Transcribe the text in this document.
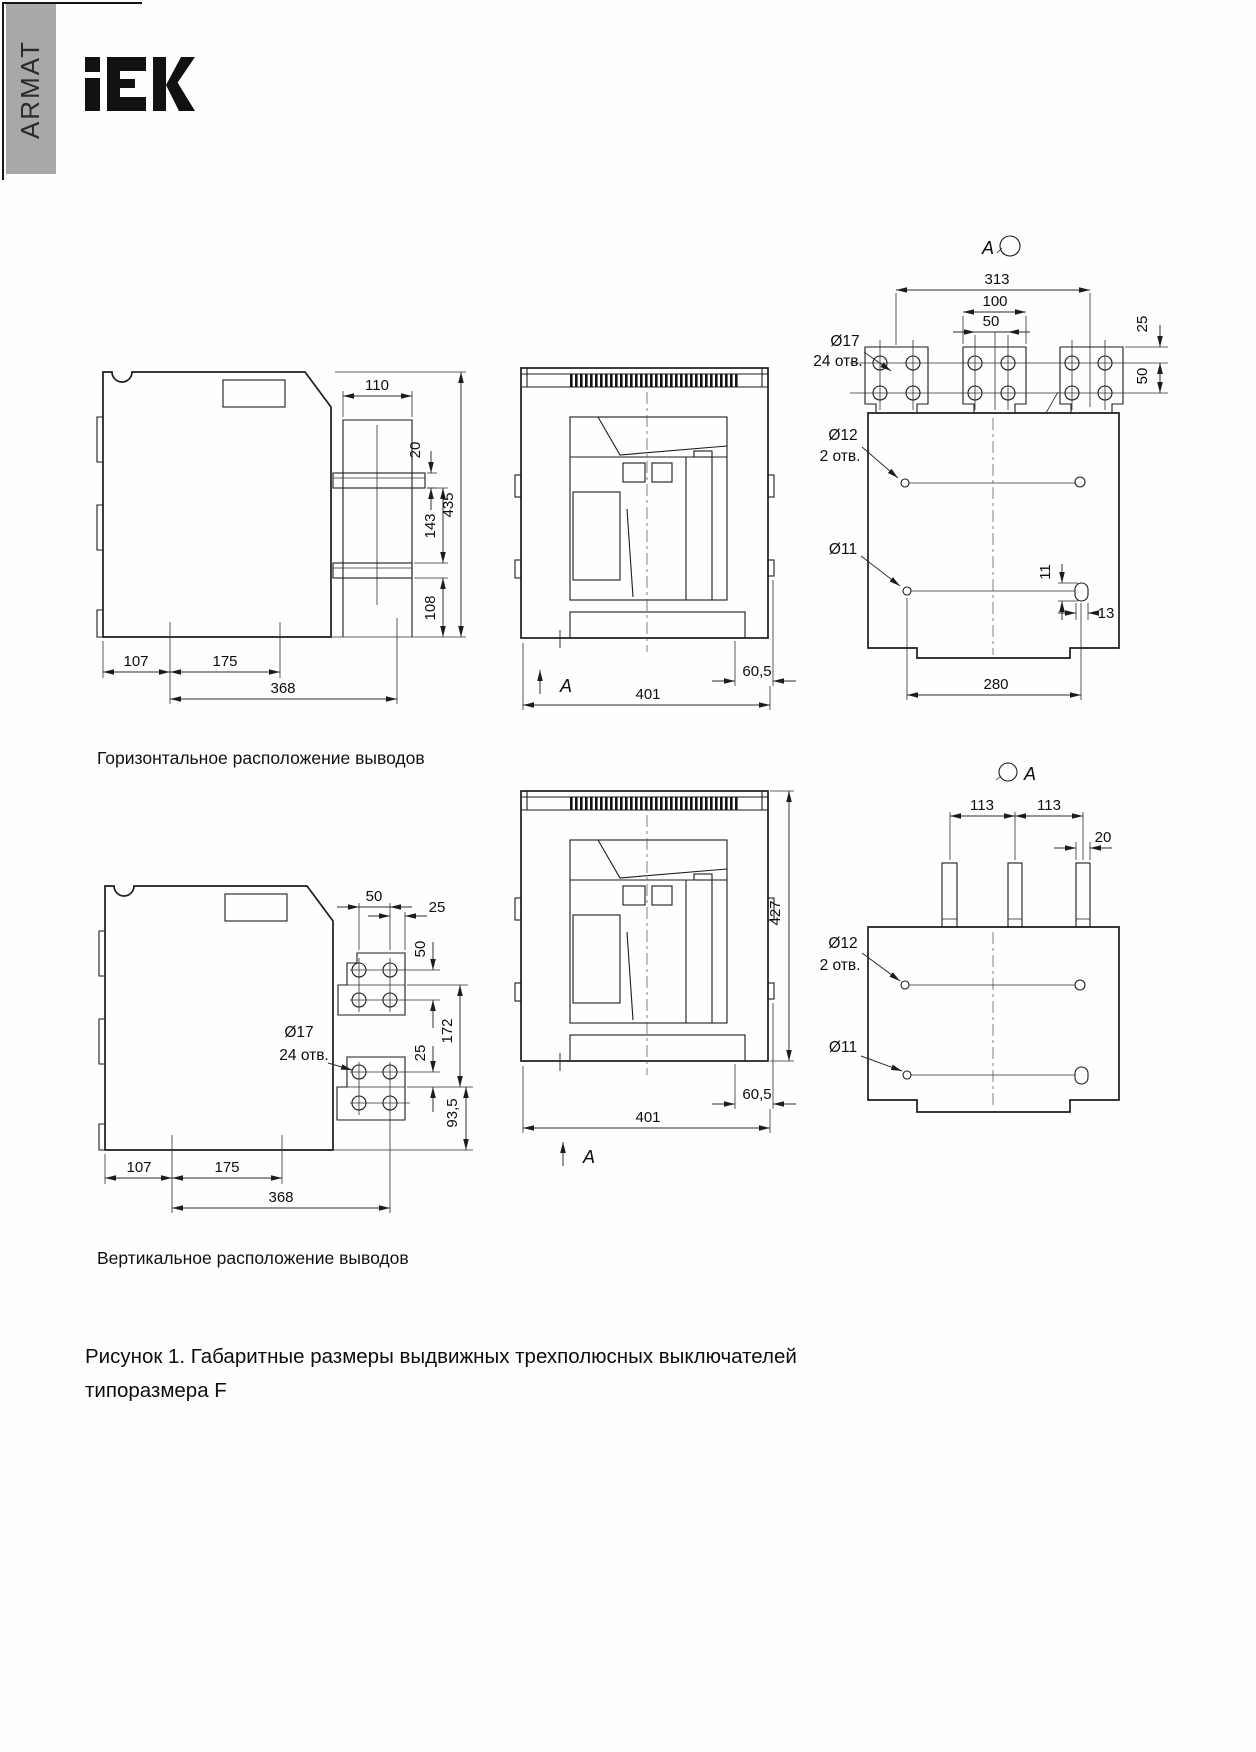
ARMAT
110
20
143
435
108
107	175
368
60,5
401
A
A
Ø17
24 отв.
Ø12
2 отв.
Ø11
313
100
50	25
50
11
13
280
50
25
50
172
25
93,5
Ø17
24 отв.
107	175
368
427
60,5
401
A
A
113	113
20
Ø12
2 отв.
Ø11
Горизонтальное расположение выводов
Вертикальное расположение выводов
Рисунок 1. Габаритные размеры выдвижных трехполюсных выключателей
типоразмера F
